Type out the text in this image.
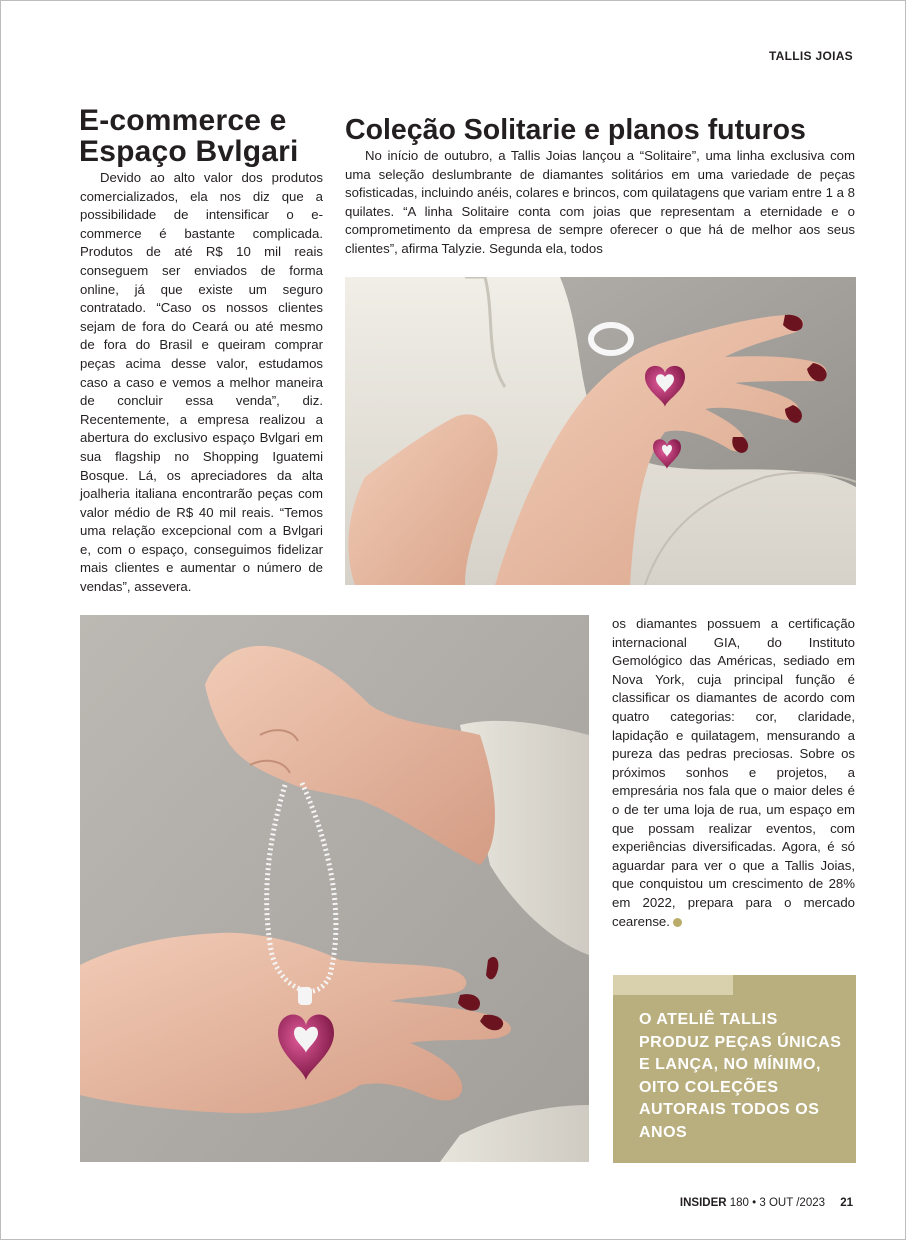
TALLIS JOIAS
E-commerce e
Espaço Bvlgari

Devido ao alto valor dos produtos comercializados, ela nos diz que a possibilidade de intensificar o e-commerce é bastante complicada. Produtos de até R$ 10 mil reais conseguem ser enviados de forma online, já que existe um seguro contratado. “Caso os nossos clientes sejam de fora do Ceará ou até mesmo de fora do Brasil e queiram comprar peças acima desse valor, estudamos caso a caso e vemos a melhor maneira de concluir essa venda”, diz. Recentemente, a empresa realizou a abertura do exclusivo espaço Bvlgari em sua flagship no Shopping Iguatemi Bosque. Lá, os apreciadores da alta joalheria italiana encontrarão peças com valor médio de R$ 40 mil reais. “Temos uma relação excepcional com a Bvlgari e, com o espaço, conseguimos fidelizar mais clientes e aumentar o número de vendas”, assevera.

Coleção Solitarie e planos futuros

No início de outubro, a Tallis Joias lançou a “Solitaire”, uma linha exclusiva com uma seleção deslumbrante de diamantes solitários em uma variedade de peças sofisticadas, incluindo anéis, colares e brincos, com quilatagens que variam entre 1 a 8 quilates. “A linha Solitaire conta com joias que representam a eternidade e o comprometimento da empresa de sempre oferecer o que há de melhor aos seus clientes”, afirma Talyzie. Segunda ela, todos

os diamantes possuem a certificação internacional GIA, do Instituto Gemológico das Américas, sediado em Nova York, cuja principal função é classificar os diamantes de acordo com quatro categorias: cor, claridade, lapidação e quilatagem, mensurando a pureza das pedras preciosas. Sobre os próximos sonhos e projetos, a empresária nos fala que o maior deles é o de ter uma loja de rua, um espaço em que possam realizar eventos, com experiências diversificadas. Agora, é só aguardar para ver o que a Tallis Joias, que conquistou um crescimento de 28% em 2022, prepara para o mercado cearense.

O ATELIÊ TALLIS PRODUZ PEÇAS ÚNICAS E LANÇA, NO MÍNIMO, OITO COLEÇÕES AUTORAIS TODOS OS ANOS

INSIDER 180 • 3 OUT /2023 21
